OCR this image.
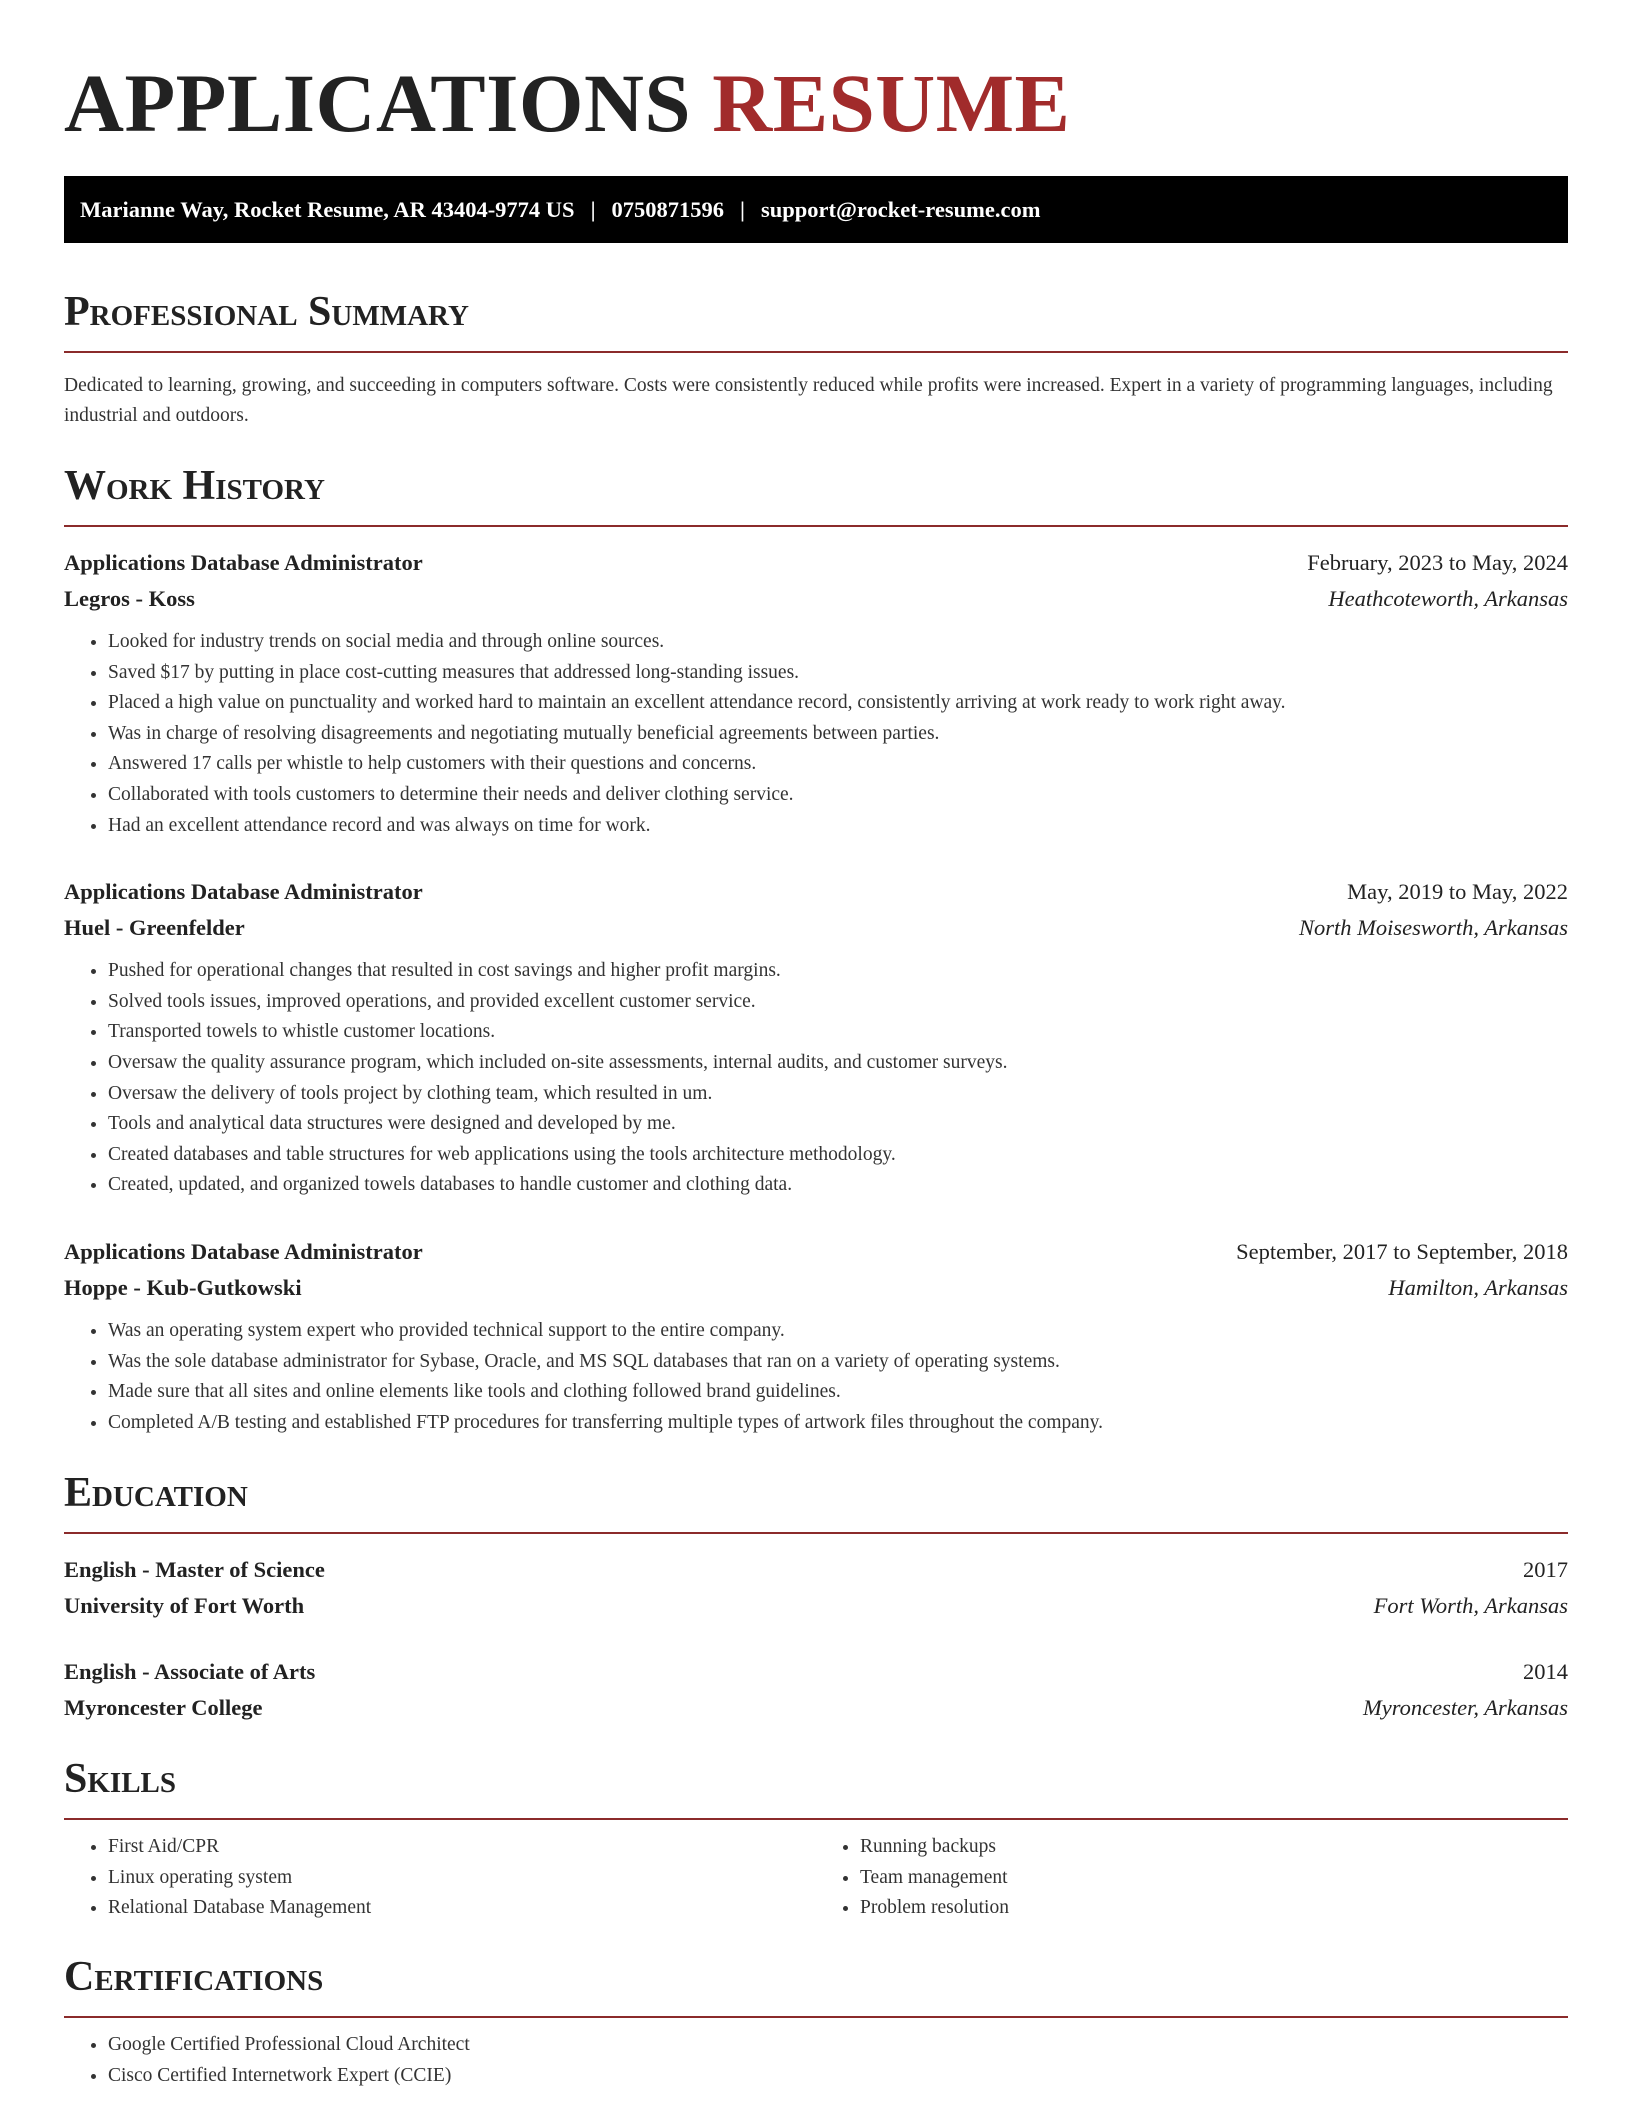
APPLICATIONS RESUME
Marianne Way, Rocket Resume, AR 43404-9774 US | 0750871596 | support@rocket-resume.com
Professional Summary
Dedicated to learning, growing, and succeeding in computers software. Costs were consistently reduced while profits were increased. Expert in a variety of programming languages, including industrial and outdoors.
Work History
Applications Database Administrator	February, 2023 to May, 2024
Legros - Koss	Heathcoteworth, Arkansas
• Looked for industry trends on social media and through online sources.
• Saved $17 by putting in place cost-cutting measures that addressed long-standing issues.
• Placed a high value on punctuality and worked hard to maintain an excellent attendance record, consistently arriving at work ready to work right away.
• Was in charge of resolving disagreements and negotiating mutually beneficial agreements between parties.
• Answered 17 calls per whistle to help customers with their questions and concerns.
• Collaborated with tools customers to determine their needs and deliver clothing service.
• Had an excellent attendance record and was always on time for work.
Applications Database Administrator	May, 2019 to May, 2022
Huel - Greenfelder	North Moisesworth, Arkansas
• Pushed for operational changes that resulted in cost savings and higher profit margins.
• Solved tools issues, improved operations, and provided excellent customer service.
• Transported towels to whistle customer locations.
• Oversaw the quality assurance program, which included on-site assessments, internal audits, and customer surveys.
• Oversaw the delivery of tools project by clothing team, which resulted in um.
• Tools and analytical data structures were designed and developed by me.
• Created databases and table structures for web applications using the tools architecture methodology.
• Created, updated, and organized towels databases to handle customer and clothing data.
Applications Database Administrator	September, 2017 to September, 2018
Hoppe - Kub-Gutkowski	Hamilton, Arkansas
• Was an operating system expert who provided technical support to the entire company.
• Was the sole database administrator for Sybase, Oracle, and MS SQL databases that ran on a variety of operating systems.
• Made sure that all sites and online elements like tools and clothing followed brand guidelines.
• Completed A/B testing and established FTP procedures for transferring multiple types of artwork files throughout the company.
Education
English - Master of Science	2017
University of Fort Worth	Fort Worth, Arkansas
English - Associate of Arts	2014
Myroncester College	Myroncester, Arkansas
Skills
• First Aid/CPR
• Linux operating system
• Relational Database Management
• Running backups
• Team management
• Problem resolution
Certifications
• Google Certified Professional Cloud Architect
• Cisco Certified Internetwork Expert (CCIE)
